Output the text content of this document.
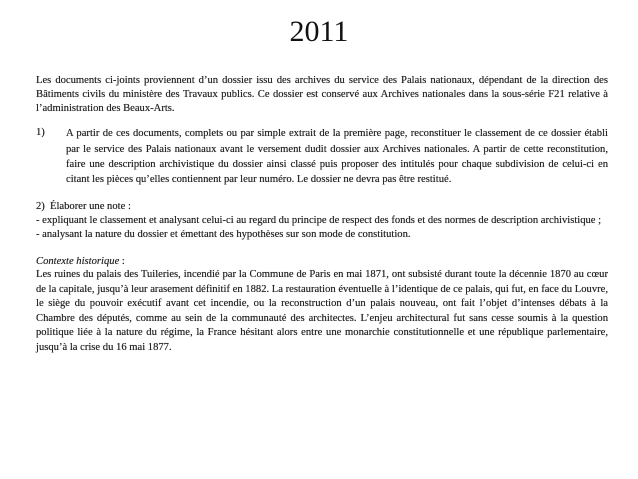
2011

Les documents ci-joints proviennent d’un dossier issu des archives du service des Palais nationaux, dépendant de la direction des Bâtiments civils du ministère des Travaux publics. Ce dossier est conservé aux Archives nationales dans la sous-série F21 relative à l’administration des Beaux-Arts.

1)	A partir de ces documents, complets ou par simple extrait de la première page, reconstituer le classement de ce dossier établi par le service des Palais nationaux avant le versement dudit dossier aux Archives nationales. A partir de cette reconstitution, faire une description archivistique du dossier ainsi classé puis proposer des intitulés pour chaque subdivision de celui-ci en citant les pièces qu’elles contiennent par leur numéro. Le dossier ne devra pas être restitué.

2) Élaborer une note :

- expliquant le classement et analysant celui-ci au regard du principe de respect des fonds et des normes de description archivistique ;

- analysant la nature du dossier et émettant des hypothèses sur son mode de constitution.

Contexte historique :

Les ruines du palais des Tuileries, incendié par la Commune de Paris en mai 1871, ont subsisté durant toute la décennie 1870 au cœur de la capitale, jusqu’à leur arasement définitif en 1882. La restauration éventuelle à l’identique de ce palais, qui fut, en face du Louvre, le siège du pouvoir exécutif avant cet incendie, ou la reconstruction d’un palais nouveau, ont fait l’objet d’intenses débats à la Chambre des députés, comme au sein de la communauté des architectes. L’enjeu architectural fut sans cesse soumis à la question politique liée à la nature du régime, la France hésitant alors entre une monarchie constitutionnelle et une république parlementaire, jusqu’à la crise du 16 mai 1877.
